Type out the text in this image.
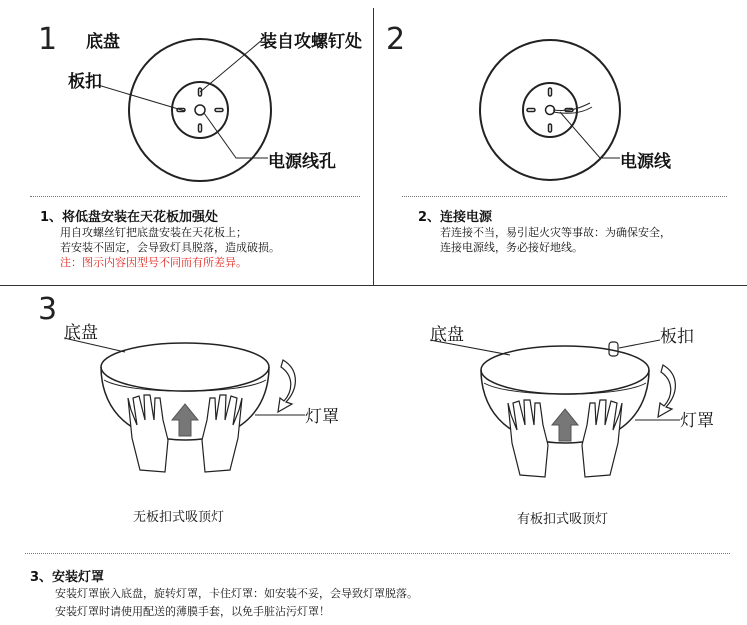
1 底盘	装自攻螺钉处
板扣
电源线孔
1、将低盘安装在天花板加强处
用自攻螺丝钉把底盘安装在天花板上；
若安装不固定，会导致灯具脱落，造成破损。
注：图示内容因型号不同而有所差异。
2
电源线
2、连接电源
若连接不当，易引起火灾等事故：为确保安全，
连接电源线，务必接好地线。
3
底盘
灯罩
无板扣式吸顶灯
底盘	板扣
灯罩
有板扣式吸顶灯
3、安装灯罩
安装灯罩嵌入底盘，旋转灯罩，卡住灯罩：如安装不妥，会导致灯罩脱落。
安装灯罩时请使用配送的薄膜手套，以免手脏沾污灯罩！
